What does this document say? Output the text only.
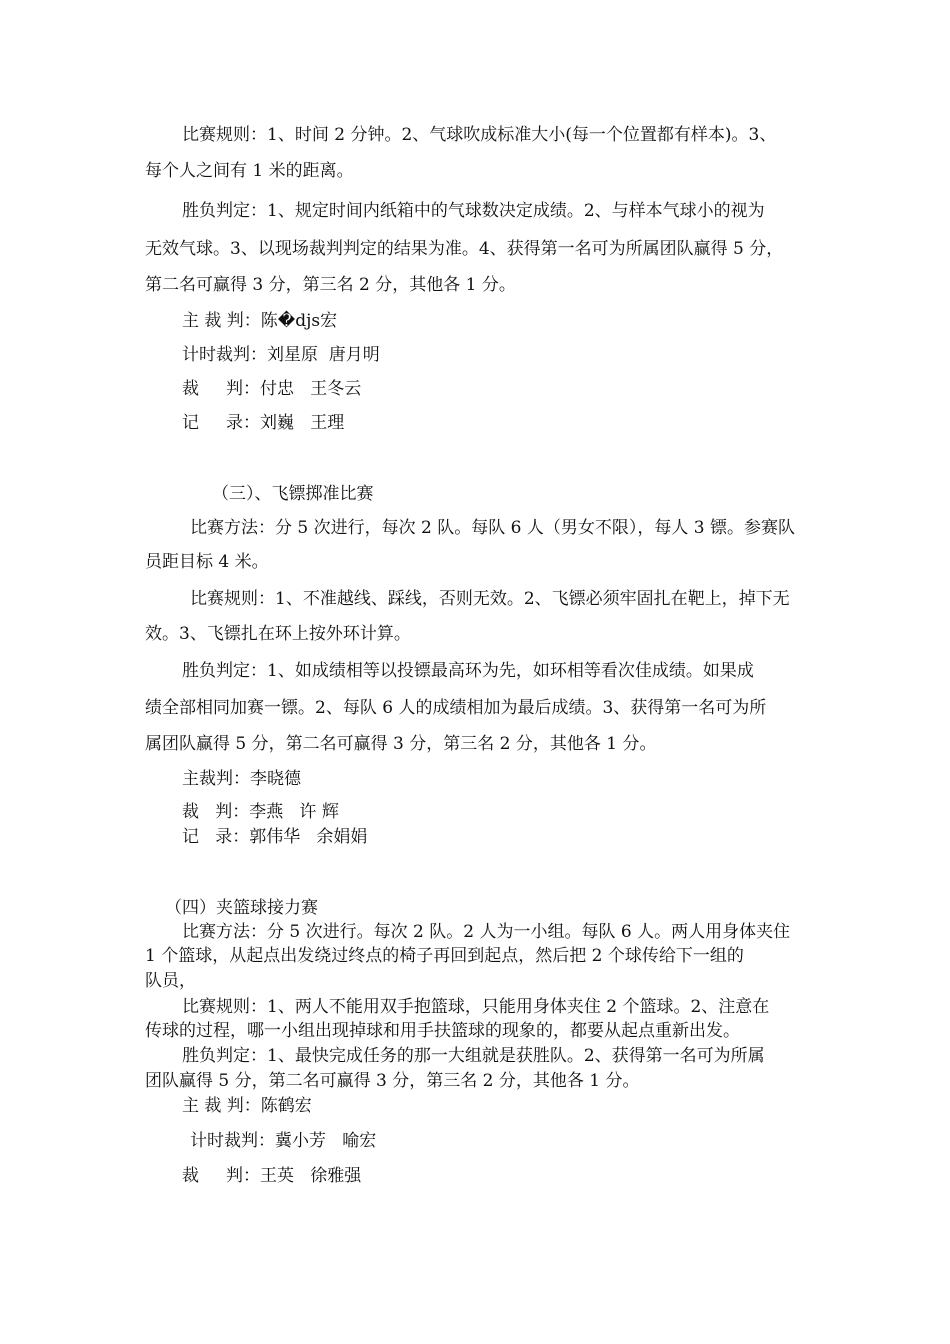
比赛规则：1、时间 2 分钟。2、气球吹成标准大小(每一个位置都有样本)。3、
每个人之间有 1 米的距离。
胜负判定：1、规定时间内纸箱中的气球数决定成绩。2、与样本气球小的视为
无效气球。3、以现场裁判判定的结果为准。4、获得第一名可为所属团队赢得 5 分，
第二名可赢得 3 分，第三名 2 分，其他各 1 分。
主 裁 判：陈�djs宏
计时裁判：刘星原  唐月明
裁     判：付忠   王冬云
记     录：刘巍   王理
（三）、飞镖掷准比赛
比赛方法：分 5 次进行，每次 2 队。每队 6 人（男女不限），每人 3 镖。参赛队
员距目标 4 米。
比赛规则：1、不准越线、踩线，否则无效。2、飞镖必须牢固扎在靶上，掉下无
效。3、飞镖扎在环上按外环计算。
胜负判定：1、如成绩相等以投镖最高环为先，如环相等看次佳成绩。如果成
绩全部相同加赛一镖。2、每队 6 人的成绩相加为最后成绩。3、获得第一名可为所
属团队赢得 5 分，第二名可赢得 3 分，第三名 2 分，其他各 1 分。
主裁判：李晓德
裁   判：李燕   许 辉
记   录：郭伟华   余娟娟
（四）夹篮球接力赛
比赛方法：分 5 次进行。每次 2 队。2 人为一小组。每队 6 人。两人用身体夹住
1 个篮球，从起点出发绕过终点的椅子再回到起点，然后把 2 个球传给下一组的
队员，
比赛规则：1、两人不能用双手抱篮球，只能用身体夹住 2 个篮球。2、注意在
传球的过程，哪一小组出现掉球和用手扶篮球的现象的，都要从起点重新出发。
胜负判定：1、最快完成任务的那一大组就是获胜队。2、获得第一名可为所属
团队赢得 5 分，第二名可赢得 3 分，第三名 2 分，其他各 1 分。
主 裁 判：陈鹤宏
计时裁判：冀小芳   喻宏
裁     判：王英   徐雅强
